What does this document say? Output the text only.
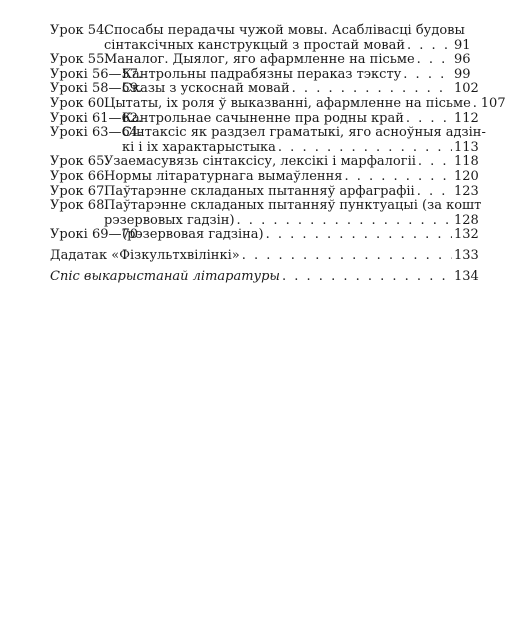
Урок 54.
Спосабы перадачы чужой мовы. Асаблівасці будовы
сінтаксічных канструкцый з простай мовай . . .	91
Урок 55.
Маналог. Дыялог, яго афармленне на пісьме . . .	96
Урокі 56—57.
Кантрольны падрабязны пераказ тэксту . . .	99
Урокі 58—59.
Сказы з ускоснай мовай . . .	102
Урок 60.
Цытаты, іх роля ў выказванні, афармленне на пісьме . . . 107
Урокі 61—62.
Кантрольнае сачыненне пра родны край . . .	112
Урокі 63—64.
Сінтаксіс як раздзел граматыкі, яго асноўныя адзін-
кі і іх характарыстыка . . .	113
Урок 65.
Узаемасувязь сінтаксісу, лексікі і марфалогіі . . .	118
Урок 66.
Нормы літаратурнага вымаўлення . . .	120
Урок 67.
Паўтарэнне складаных пытанняў арфаграфіі . . .	123
Урок 68.
Паўтарэнне складаных пытанняў пунктуацыі (за кошт
рэзервовых гадзін) . . .	128
Урокі 69—70
(рэзервовая гадзіна) . . .	132
Дадатак «Фізкультхвілінкі» . . .	133
Спіс выкарыстанай літаратуры . . .	134
